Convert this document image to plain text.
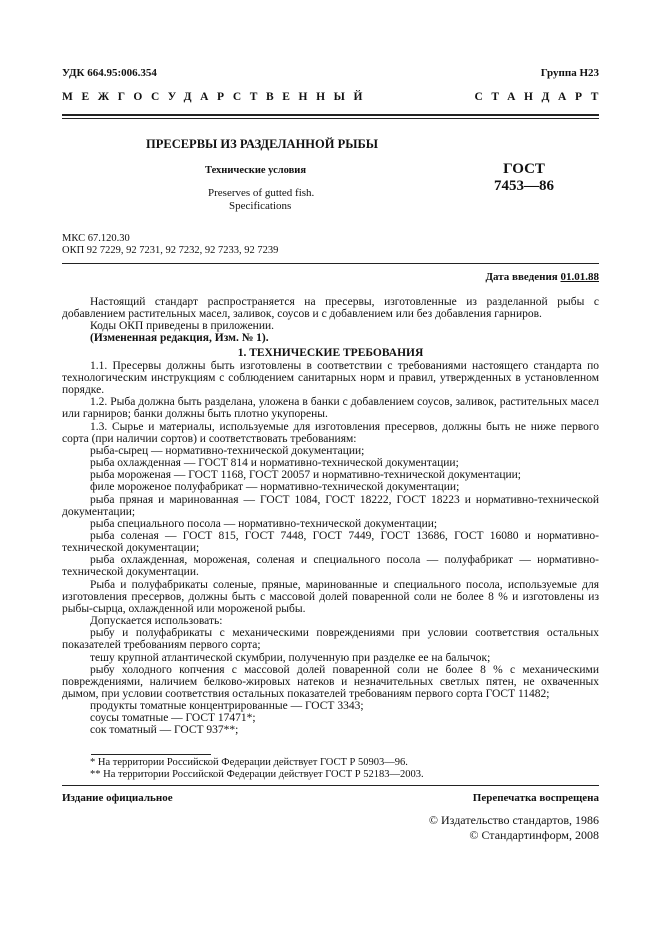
УДК 664.95:006.354	Группа Н23
МЕЖГОСУДАРСТВЕННЫЙ	СТАНДАРТ
ПРЕСЕРВЫ ИЗ РАЗДЕЛАННОЙ РЫБЫ
Технические условия
Preserves of gutted fish.
Specifications
ГОСТ
7453—86
МКС 67.120.30
ОКП 92 7229, 92 7231, 92 7232, 92 7233, 92 7239
Дата введения 01.01.88

Настоящий стандарт распространяется на пресервы, изготовленные из разделанной рыбы с добавлением растительных масел, заливок, соусов и с добавлением или без добавления гарниров.

Коды ОКП приведены в приложении.

(Измененная редакция, Изм. № 1).

1. ТЕХНИЧЕСКИЕ ТРЕБОВАНИЯ

1.1. Пресервы должны быть изготовлены в соответствии с требованиями настоящего стандарта по технологическим инструкциям с соблюдением санитарных норм и правил, утвержденных в установленном порядке.

1.2. Рыба должна быть разделана, уложена в банки с добавлением соусов, заливок, растительных масел или гарниров; банки должны быть плотно укупорены.

1.3. Сырье и материалы, используемые для изготовления пресервов, должны быть не ниже первого сорта (при наличии сортов) и соответствовать требованиям:

рыба-сырец — нормативно-технической документации;

рыба охлажденная — ГОСТ 814 и нормативно-технической документации;

рыба мороженая — ГОСТ 1168, ГОСТ 20057 и нормативно-технической документации;

филе мороженое полуфабрикат — нормативно-технической документации;

рыба пряная и маринованная — ГОСТ 1084, ГОСТ 18222, ГОСТ 18223 и нормативно-технической документации;

рыба специального посола — нормативно-технической документации;

рыба соленая — ГОСТ 815, ГОСТ 7448, ГОСТ 7449, ГОСТ 13686, ГОСТ 16080 и нормативно-технической документации;

рыба охлажденная, мороженая, соленая и специального посола — полуфабрикат — нормативно-технической документации.

Рыба и полуфабрикаты соленые, пряные, маринованные и специального посола, используемые для изготовления пресервов, должны быть с массовой долей поваренной соли не более 8 % и изготовлены из рыбы-сырца, охлажденной или мороженой рыбы.

Допускается использовать:

рыбу и полуфабрикаты с механическими повреждениями при условии соответствия остальных показателей требованиям первого сорта;

тешу крупной атлантической скумбрии, полученную при разделке ее на балычок;

рыбу холодного копчения с массовой долей поваренной соли не более 8 % с механическими повреждениями, наличием белково-жировых натеков и незначительных светлых пятен, не охваченных дымом, при условии соответствия остальных показателей требованиям первого сорта ГОСТ 11482;

продукты томатные концентрированные — ГОСТ 3343;

соусы томатные — ГОСТ 17471*;

сок томатный — ГОСТ 937**;

* На территории Российской Федерации действует ГОСТ Р 50903—96.

** На территории Российской Федерации действует ГОСТ Р 52183—2003.

Издание официальное	Перепечатка воспрещена
© Издательство стандартов, 1986
© Стандартинформ, 2008
